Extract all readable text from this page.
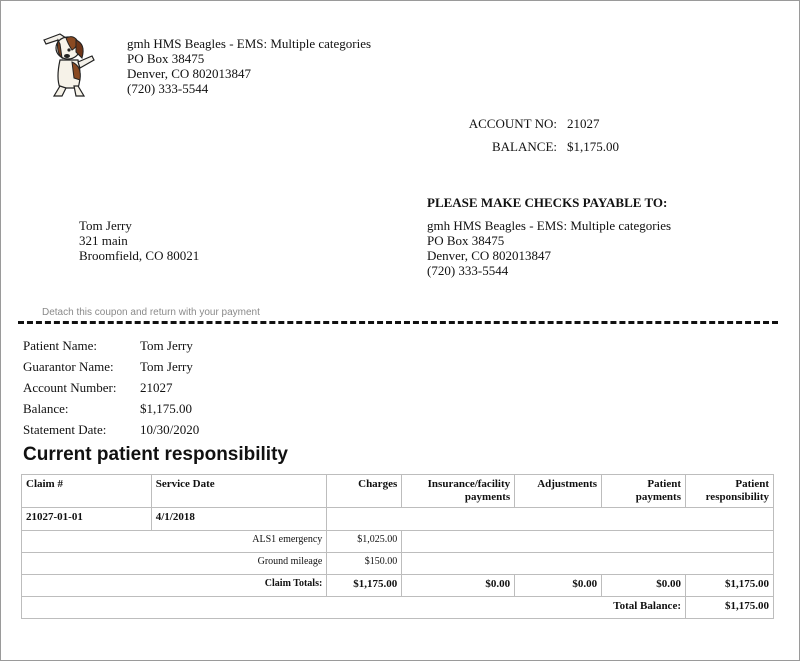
gmh HMS Beagles - EMS: Multiple categories
PO Box 38475
Denver, CO 802013847
(720) 333-5544
ACCOUNT NO: 21027
BALANCE: $1,175.00
PLEASE MAKE CHECKS PAYABLE TO:
gmh HMS Beagles - EMS: Multiple categories
PO Box 38475
Denver, CO 802013847
(720) 333-5544
Tom Jerry
321 main
Broomfield, CO 80021
Detach this coupon and return with your payment
Patient Name:	Tom Jerry
Guarantor Name: Tom Jerry
Account Number: 21027
Balance:	$1,175.00
Statement Date:	10/30/2020
Current patient responsibility
Claim #	Service Date	Charges	Insurance/facility payments	Adjustments	Patient payments	Patient responsibility
21027-01-01	4/1/2018					
ALS1 emergency		$1,025.00				
Ground mileage		$150.00				
Claim Totals:		$1,175.00	$0.00	$0.00	$0.00	$1,175.00
Total Balance:						$1,175.00
